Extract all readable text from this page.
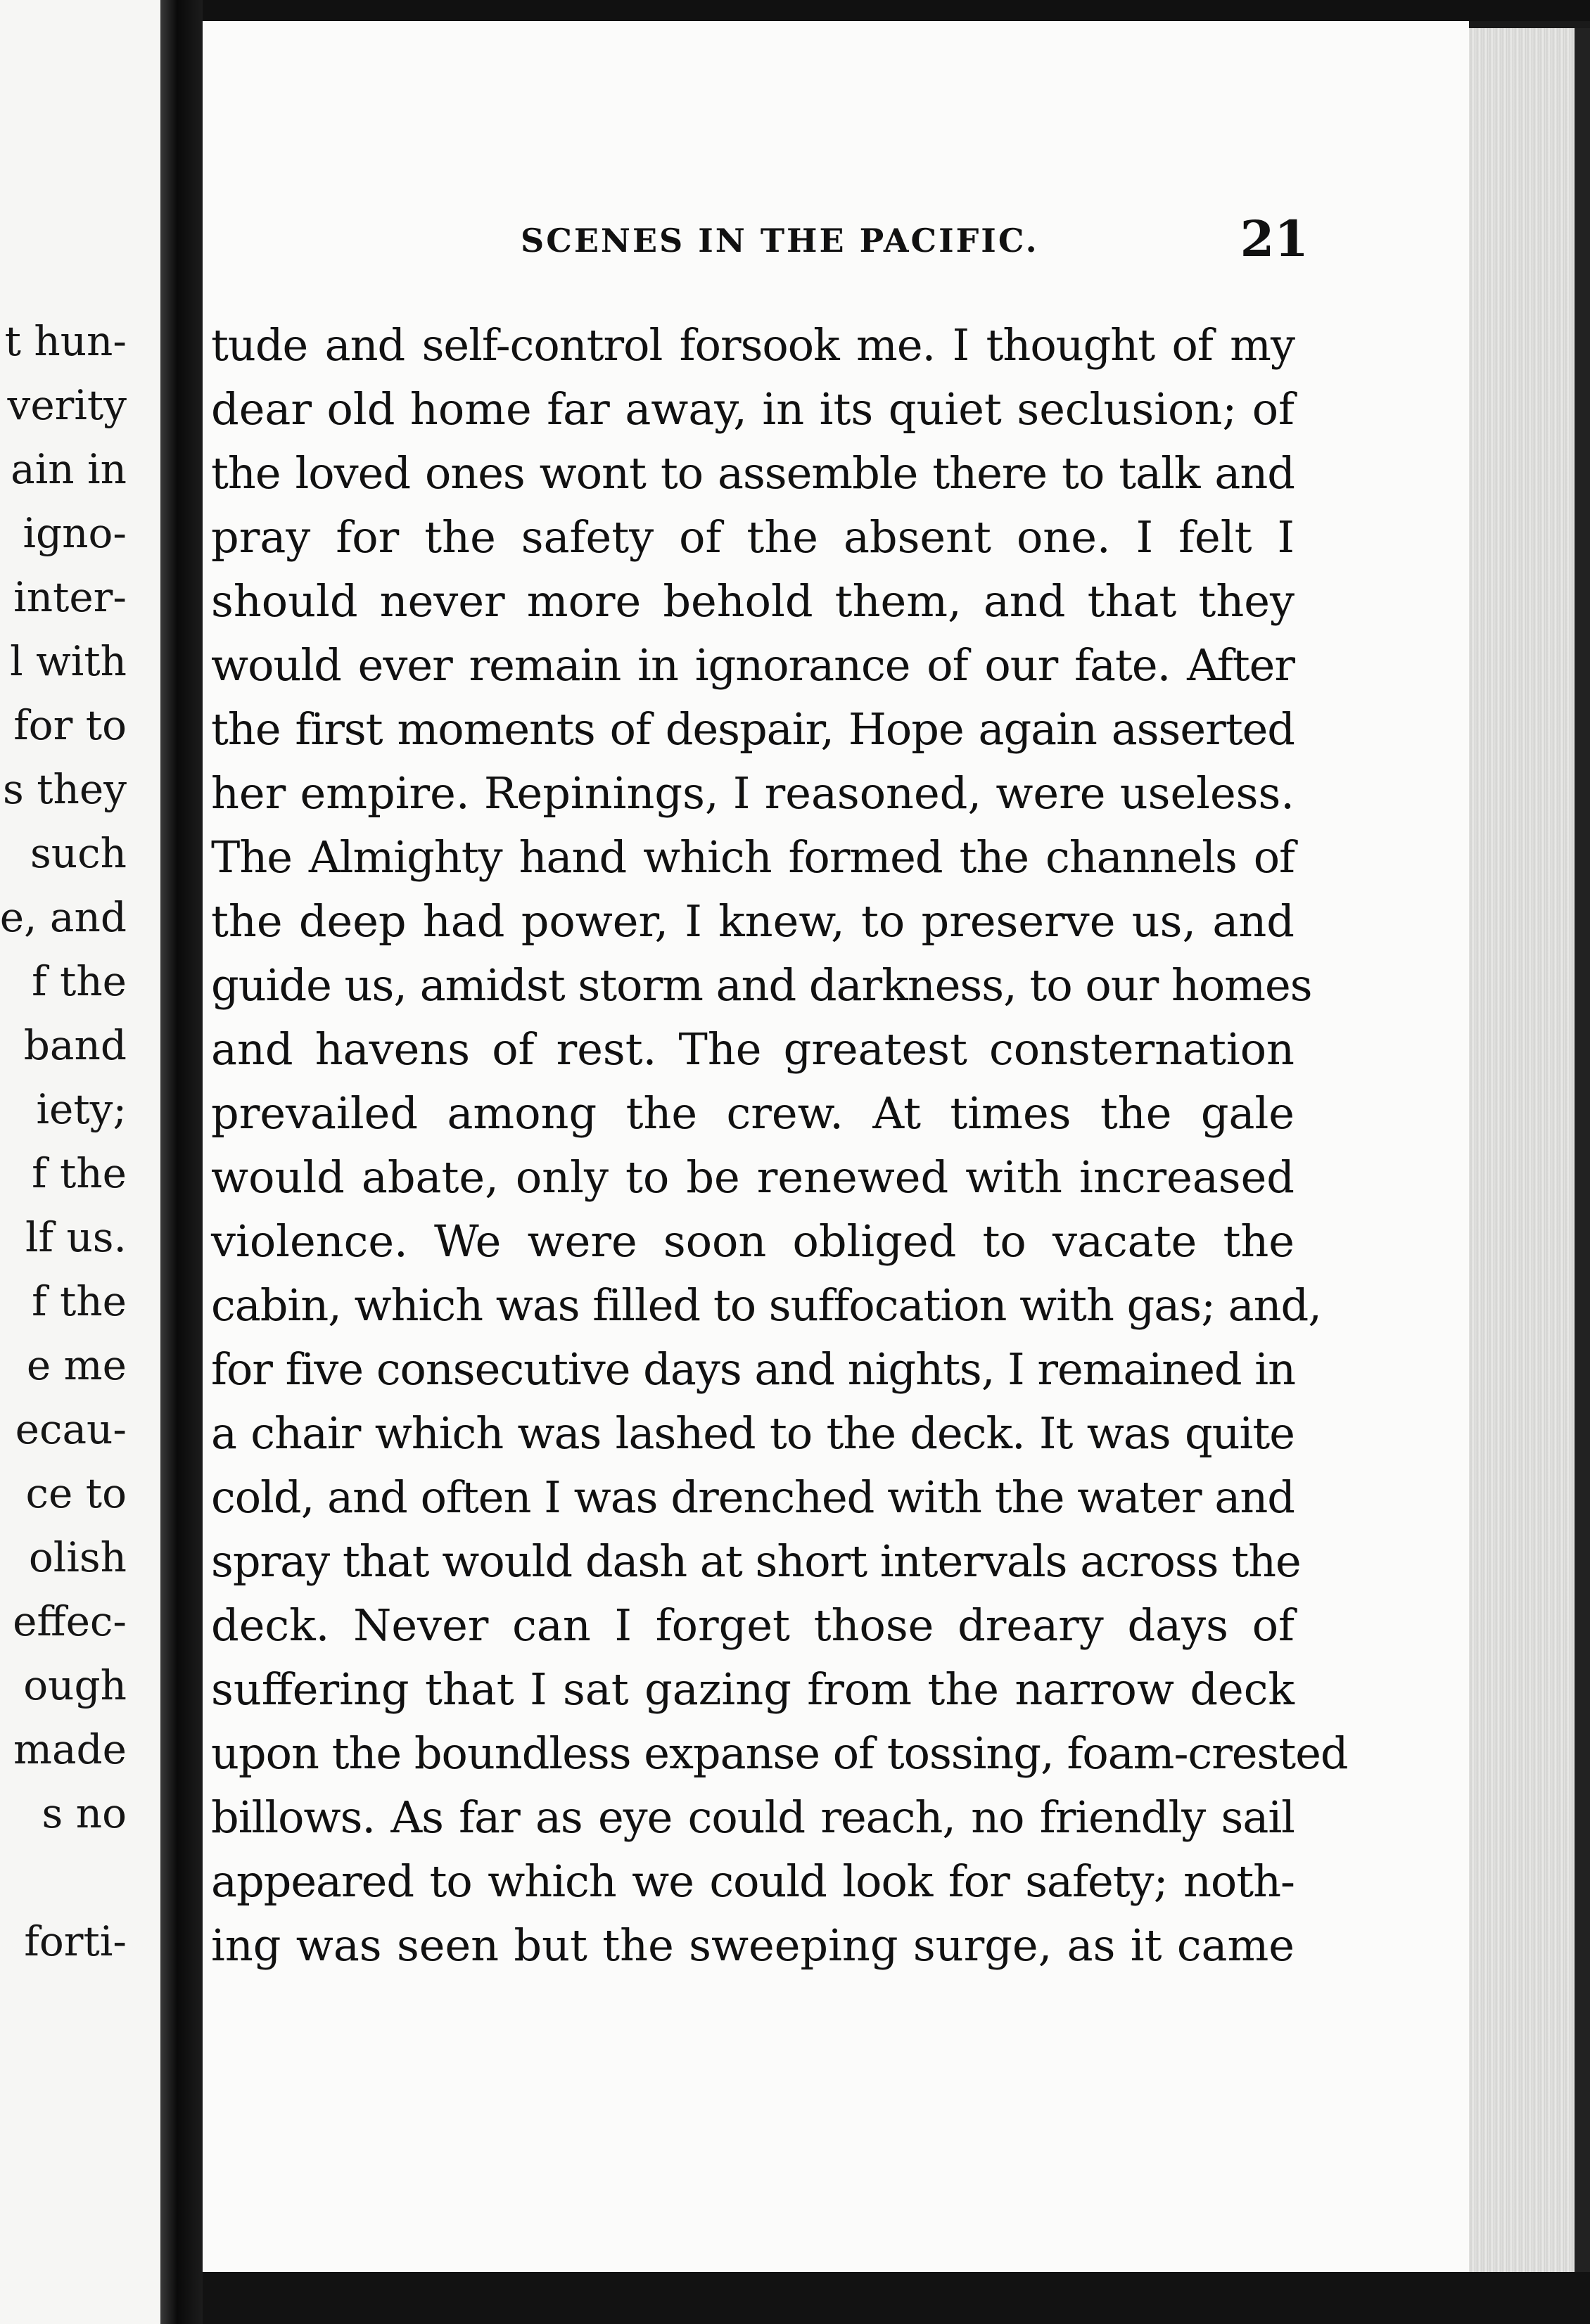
t hun-
verity
ain in
igno-
inter-
l with
for to
s they
such
e, and
f the
band
iety;
f the
lf us.
f the
e me
ecau-
ce to
olish
effec-
ough
made
s no
forti-
SCENES IN THE PACIFIC.	21
tude and self-control forsook me. I thought of my
dear old home far away, in its quiet seclusion; of
the loved ones wont to assemble there to talk and
pray for the safety of the absent one. I felt I
should never more behold them, and that they
would ever remain in ignorance of our fate. After
the first moments of despair, Hope again asserted
her empire. Repinings, I reasoned, were useless.
The Almighty hand which formed the channels of
the deep had power, I knew, to preserve us, and
guide us, amidst storm and darkness, to our homes
and havens of rest. The greatest consternation
prevailed among the crew. At times the gale
would abate, only to be renewed with increased
violence. We were soon obliged to vacate the
cabin, which was filled to suffocation with gas; and,
for five consecutive days and nights, I remained in
a chair which was lashed to the deck. It was quite
cold, and often I was drenched with the water and
spray that would dash at short intervals across the
deck. Never can I forget those dreary days of
suffering that I sat gazing from the narrow deck
upon the boundless expanse of tossing, foam-crested
billows. As far as eye could reach, no friendly sail
appeared to which we could look for safety; noth-
ing was seen but the sweeping surge, as it came
